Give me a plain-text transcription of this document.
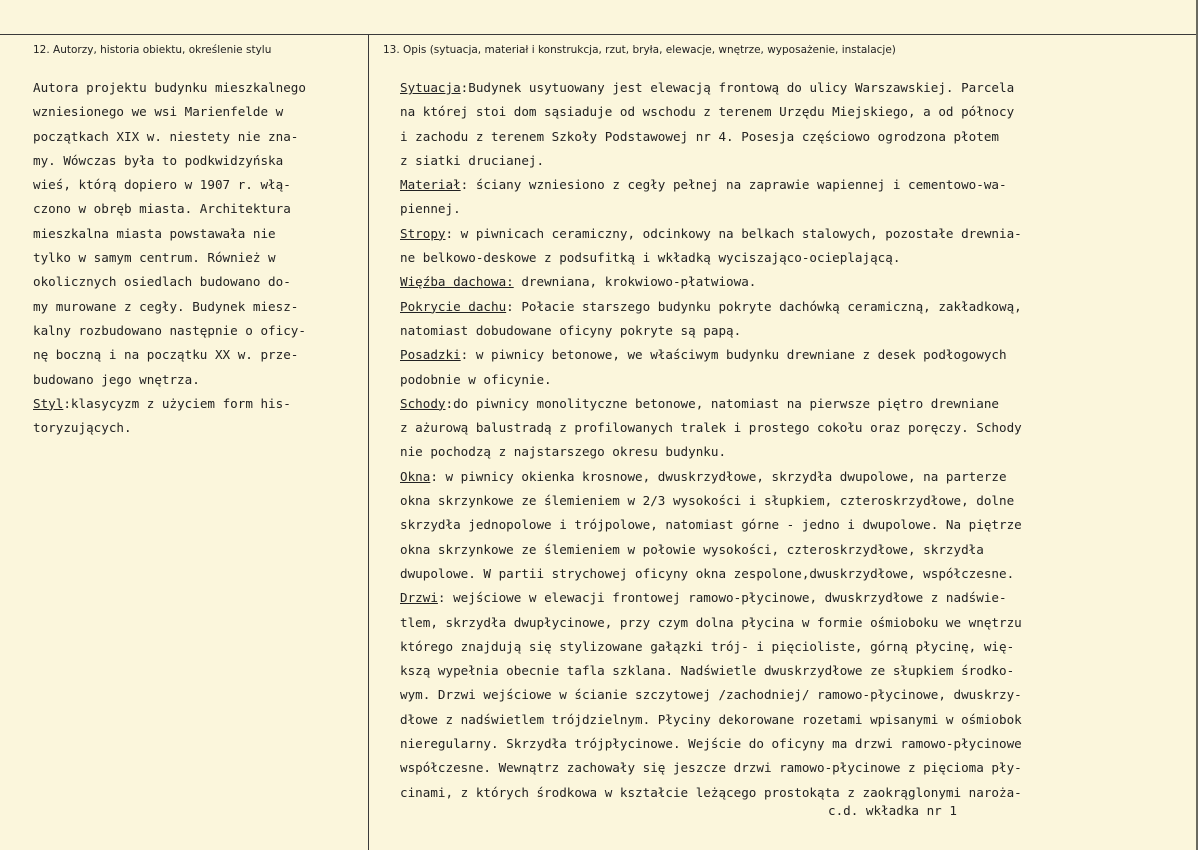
12. Autorzy, historia obiektu, określenie stylu	13. Opis (sytuacja, materiał i konstrukcja, rzut, bryła, elewacje, wnętrze, wyposażenie, instalacje)
Autora projektu budynku mieszkalnego
wzniesionego we wsi Marienfelde w
początkach XIX w. niestety nie zna-
my. Wówczas była to podkwidzyńska
wieś, którą dopiero w 1907 r. włą-
czono w obręb miasta. Architektura
mieszkalna miasta powstawała nie
tylko w samym centrum. Również w
okolicznych osiedlach budowano do-
my murowane z cegły. Budynek miesz-
kalny rozbudowano następnie o oficy-
nę boczną i na początku XX w. prze-
budowano jego wnętrza.
Styl:klasycyzm z użyciem form his-
toryzujących.
Sytuacja:Budynek usytuowany jest elewacją frontową do ulicy Warszawskiej. Parcela
na której stoi dom sąsiaduje od wschodu z terenem Urzędu Miejskiego, a od północy
i zachodu z terenem Szkoły Podstawowej nr 4. Posesja częściowo ogrodzona płotem
z siatki drucianej.
Materiał: ściany wzniesiono z cegły pełnej na zaprawie wapiennej i cementowo-wa-
piennej.
Stropy: w piwnicach ceramiczny, odcinkowy na belkach stalowych, pozostałe drewnia-
ne belkowo-deskowe z podsufitką i wkładką wyciszająco-ocieplającą.
Więźba dachowa: drewniana, krokwiowo-płatwiowa.
Pokrycie dachu: Połacie starszego budynku pokryte dachówką ceramiczną, zakładkową,
natomiast dobudowane oficyny pokryte są papą.
Posadzki: w piwnicy betonowe, we właściwym budynku drewniane z desek podłogowych
podobnie w oficynie.
Schody:do piwnicy monolityczne betonowe, natomiast na pierwsze piętro drewniane
z ażurową balustradą z profilowanych tralek i prostego cokołu oraz poręczy. Schody
nie pochodzą z najstarszego okresu budynku.
Okna: w piwnicy okienka krosnowe, dwuskrzydłowe, skrzydła dwupolowe, na parterze
okna skrzynkowe ze ślemieniem w 2/3 wysokości i słupkiem, czteroskrzydłowe, dolne
skrzydła jednopolowe i trójpolowe, natomiast górne - jedno i dwupolowe. Na piętrze
okna skrzynkowe ze ślemieniem w połowie wysokości, czteroskrzydłowe, skrzydła
dwupolowe. W partii strychowej oficyny okna zespolone,dwuskrzydłowe, współczesne.
Drzwi: wejściowe w elewacji frontowej ramowo-płycinowe, dwuskrzydłowe z nadświe-
tlem, skrzydła dwupłycinowe, przy czym dolna płycina w formie ośmioboku we wnętrzu
którego znajdują się stylizowane gałązki trój- i pięcioliste, górną płycinę, wię-
kszą wypełnia obecnie tafla szklana. Nadświetle dwuskrzydłowe ze słupkiem środko-
wym. Drzwi wejściowe w ścianie szczytowej /zachodniej/ ramowo-płycinowe, dwuskrzy-
dłowe z nadświetlem trójdzielnym. Płyciny dekorowane rozetami wpisanymi w ośmiobok
nieregularny. Skrzydła trójpłycinowe. Wejście do oficyny ma drzwi ramowo-płycinowe
współczesne. Wewnątrz zachowały się jeszcze drzwi ramowo-płycinowe z pięcioma pły-
cinami, z których środkowa w kształcie leżącego prostokąta z zaokrąglonymi naroża-
c.d. wkładka nr 1
